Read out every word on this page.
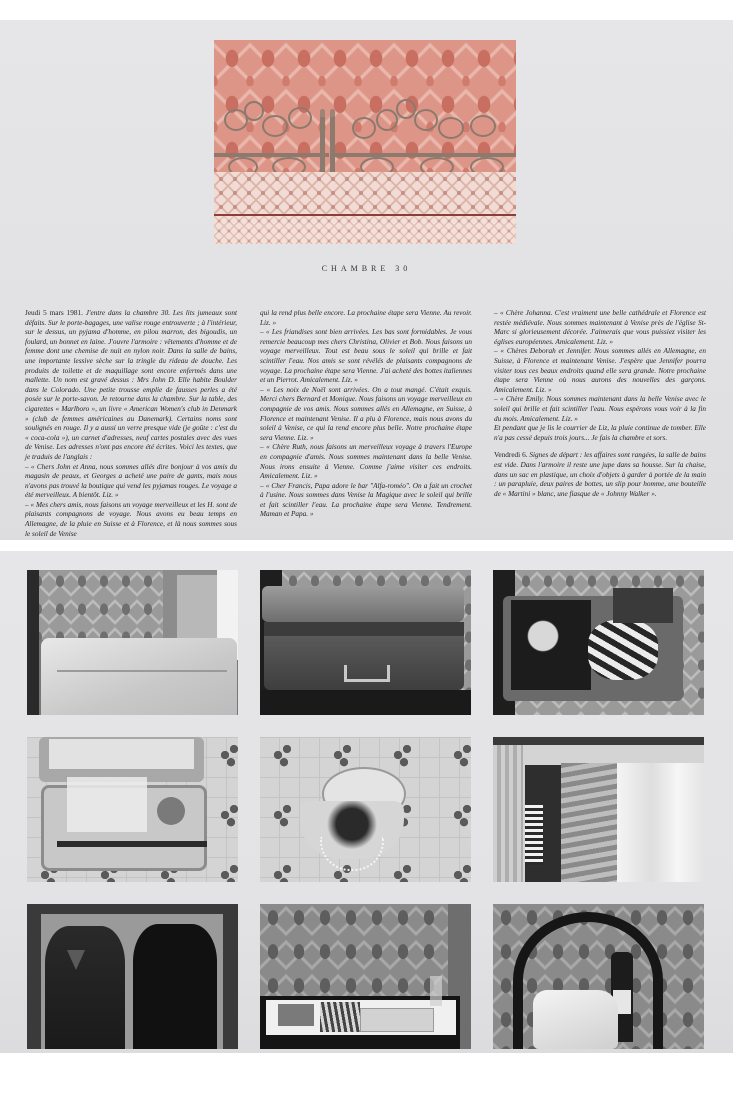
CHAMBRE 30

Jeudi 5 mars 1981. J'entre dans la chambre 30. Les lits jumeaux sont défaits. Sur le porte-bagages, une valise rouge entrouverte ; à l'intérieur, sur le dessus, un pyjama d'homme, en pilou marron, des bigoudis, un foulard, un bonnet en laine. J'ouvre l'armoire : vêtements d'homme et de femme dont une chemise de nuit en nylon noir. Dans la salle de bains, une importante lessive sèche sur la tringle du rideau de douche. Les produits de toilette et de maquillage sont encore enfermés dans une mallette. Un nom est gravé dessus : Mrs John D. Elle habite Boulder dans le Colorado. Une petite trousse emplie de fausses perles a été posée sur le porte-savon. Je retourne dans la chambre. Sur la table, des cigarettes « Marlboro », un livre « American Women's club in Denmark » (club de femmes américaines au Danemark). Certains noms sont soulignés en rouge. Il y a aussi un verre presque vide (je goûte : c'est du « coca-cola »), un carnet d'adresses, neuf cartes postales avec des vues de Venise. Les adresses n'ont pas encore été écrites. Voici les textes, que je traduis de l'anglais :

– « Chers John et Anna, nous sommes allés dire bonjour à vos amis du magasin de peaux, et Georges a acheté une paire de gants, mais nous n'avons pas trouvé la boutique qui vend les pyjamas rouges. Le voyage a été merveilleux. A bientôt. Liz. »

– « Mes chers amis, nous faisons un voyage merveilleux et les H. sont de plaisants compagnons de voyage. Nous avons eu beau temps en Allemagne, de la pluie en Suisse et à Florence, et là nous sommes sous le soleil de Venise

qui la rend plus belle encore. La prochaine étape sera Vienne. Au revoir. Liz. »

– « Les friandises sont bien arrivées. Les bas sont formidables. Je vous remercie beaucoup mes chers Christina, Olivier et Bob. Nous faisons un voyage merveilleux. Tout est beau sous le soleil qui brille et fait scintiller l'eau. Nos amis se sont révélés de plaisants compagnons de voyage. La prochaine étape sera Vienne. J'ai acheté des bottes italiennes et un Pierrot. Amicalement. Liz. »

– « Les noix de Noël sont arrivées. On a tout mangé. C'était exquis. Merci chers Bernard et Monique. Nous faisons un voyage merveilleux en compagnie de vos amis. Nous sommes allés en Allemagne, en Suisse, à Florence et maintenant Venise. Il a plu à Florence, mais nous avons du soleil à Venise, ce qui la rend encore plus belle. Notre prochaine étape sera Vienne. Liz. »

– « Chère Ruth, nous faisons un merveilleux voyage à travers l'Europe en compagnie d'amis. Nous sommes maintenant dans la belle Venise. Nous irons ensuite à Vienne. Comme j'aime visiter ces endroits. Amicalement. Liz. »

– « Cher Francis, Papa adore le bar "Alfa-roméo". On a fait un crochet à l'usine. Nous sommes dans Venise la Magique avec le soleil qui brille et fait scintiller l'eau. La prochaine étape sera Vienne. Tendrement. Maman et Papa. »

– « Chère Johanna. C'est vraiment une belle cathédrale et Florence est restée médiévale. Nous sommes maintenant à Venise près de l'église St-Marc si glorieusement décorée. J'aimerais que vous puissiez visiter les églises européennes. Amicalement. Liz. »

– « Chères Deborah et Jennifer. Nous sommes allés en Allemagne, en Suisse, à Florence et maintenant Venise. J'espère que Jennifer pourra visiter tous ces beaux endroits quand elle sera grande. Notre prochaine étape sera Vienne où nous aurons des nouvelles des garçons. Amicalement. Liz. »

– « Chère Emily. Nous sommes maintenant dans la belle Venise avec le soleil qui brille et fait scintiller l'eau. Nous espérons vous voir à la fin du mois. Amicalement. Liz. »

Et pendant que je lis le courrier de Liz, la pluie continue de tomber. Elle n'a pas cessé depuis trois jours... Je fais la chambre et sors.

Vendredi 6. Signes de départ : les affaires sont rangées, la salle de bains est vide. Dans l'armoire il reste une jupe dans sa housse. Sur la chaise, dans un sac en plastique, un choix d'objets à garder à portée de la main : un parapluie, deux paires de bottes, un slip pour homme, une bouteille de « Martini » blanc, une fiasque de « Johnny Walker ».
